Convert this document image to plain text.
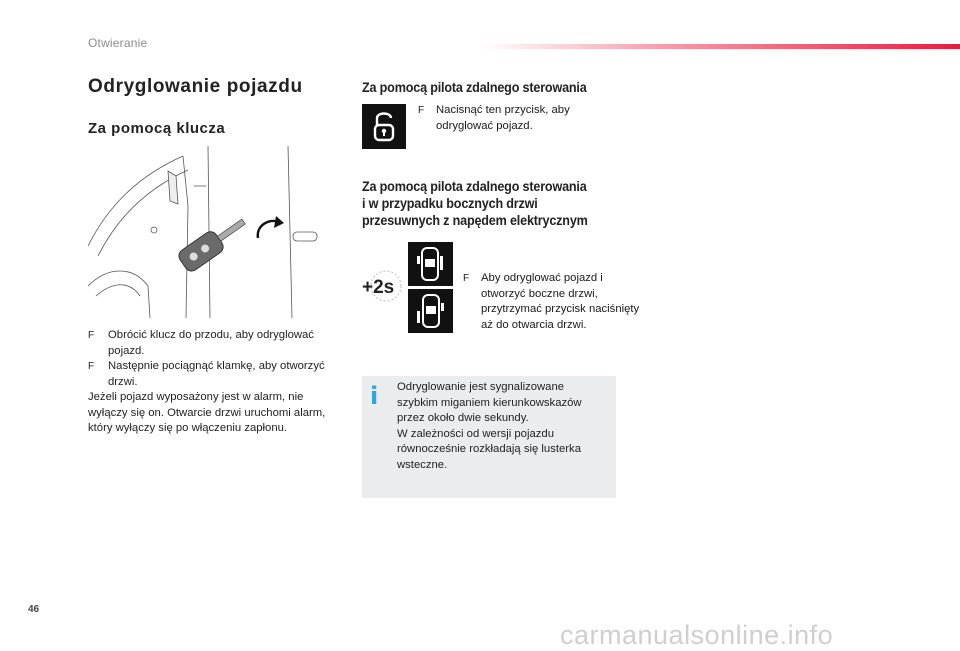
Otwieranie
Odryglowanie pojazdu
Za pomocą klucza
F Obrócić klucz do przodu, aby odryglować pojazd.
F Następnie pociągnąć klamkę, aby otworzyć drzwi.

Jeżeli pojazd wyposażony jest w alarm, nie wyłączy się on. Otwarcie drzwi uruchomi alarm, który wyłączy się po włączeniu zapłonu.

Za pomocą pilota zdalnego sterowania
F Nacisnąć ten przycisk, aby odryglować pojazd.
Za pomocą pilota zdalnego sterowania
i w przypadku bocznych drzwi
przesuwnych z napędem elektrycznym
+2s	F Aby odryglować pojazd i otworzyć boczne drzwi, przytrzymać przycisk naciśnięty aż do otwarcia drzwi.
i Odryglowanie jest sygnalizowane szybkim miganiem kierunkowskazów przez około dwie sekundy.

W zależności od wersji pojazdu równocześnie rozkładają się lusterka wsteczne.

46
carmanualsonline.info
